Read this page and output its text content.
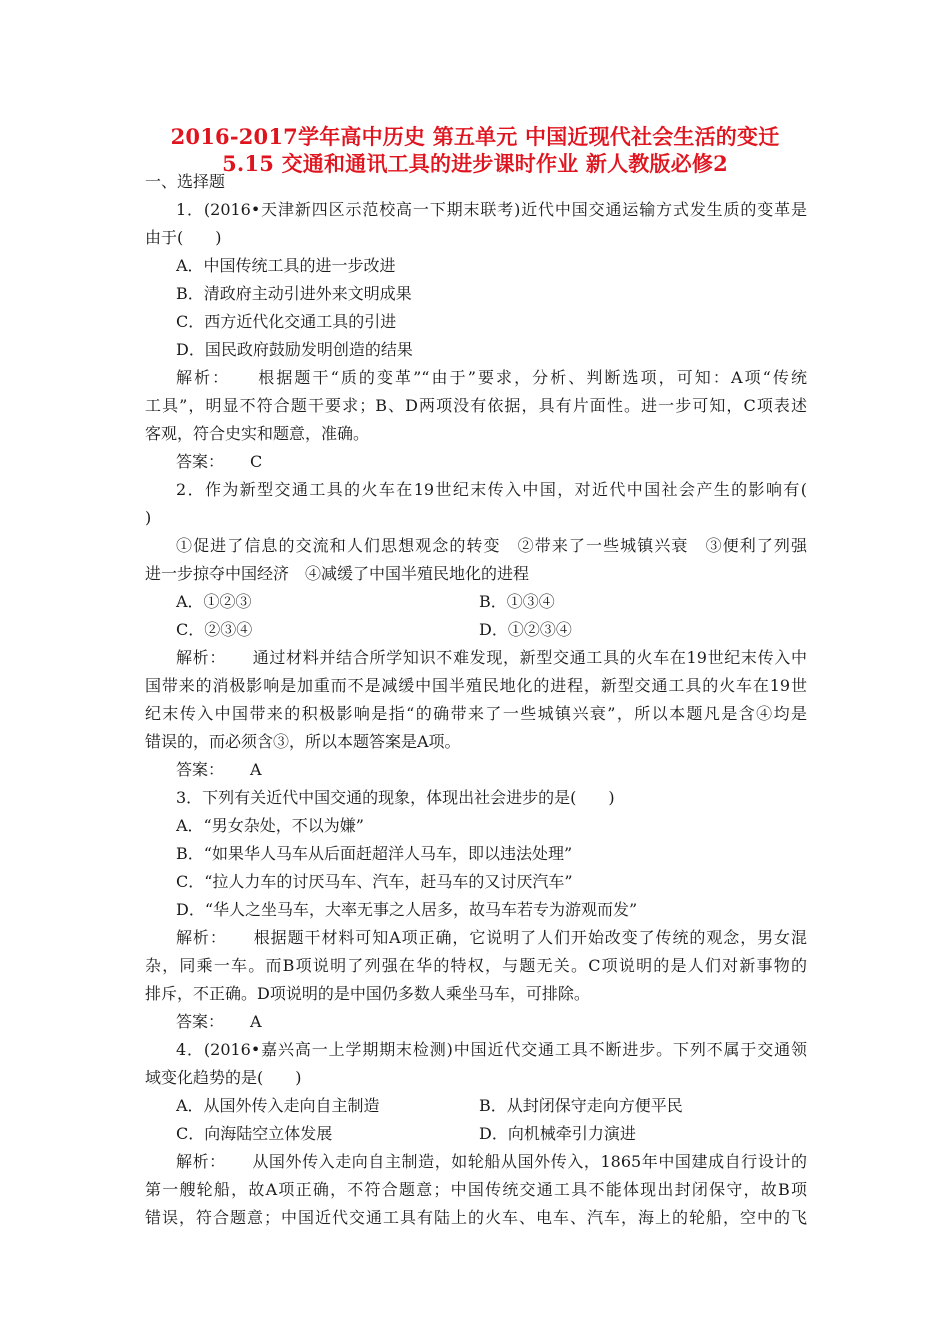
2016-2017学年高中历史 第五单元 中国近现代社会生活的变迁
5.15 交通和通讯工具的进步课时作业 新人教版必修2
一、选择题
1．(2016•天津新四区示范校高一下期末联考)近代中国交通运输方式发生质的变革是
由于(　　)
A．中国传统工具的进一步改进
B．清政府主动引进外来文明成果
C．西方近代化交通工具的引进
D．国民政府鼓励发明创造的结果
解析： 根据题干“质的变革”“由于”要求，分析、判断选项，可知：A项“传统
工具”，明显不符合题干要求；B、D两项没有依据，具有片面性。进一步可知，C项表述
客观，符合史实和题意，准确。
答案： C
2．作为新型交通工具的火车在19世纪末传入中国，对近代中国社会产生的影响有(
)
①促进了信息的交流和人们思想观念的转变　②带来了一些城镇兴衰　③便利了列强
进一步掠夺中国经济　④减缓了中国半殖民地化的进程
A．①②③	B．①③④
C．②③④	D．①②③④
解析： 通过材料并结合所学知识不难发现，新型交通工具的火车在19世纪末传入中
国带来的消极影响是加重而不是减缓中国半殖民地化的进程，新型交通工具的火车在19世
纪末传入中国带来的积极影响是指“的确带来了一些城镇兴衰”，所以本题凡是含④均是
错误的，而必须含③，所以本题答案是A项。
答案： A
3．下列有关近代中国交通的现象，体现出社会进步的是(　　)
A．“男女杂处，不以为嫌”
B．“如果华人马车从后面赶超洋人马车，即以违法处理”
C．“拉人力车的讨厌马车、汽车，赶马车的又讨厌汽车”
D．“华人之坐马车，大率无事之人居多，故马车若专为游观而发”
解析： 根据题干材料可知A项正确，它说明了人们开始改变了传统的观念，男女混
杂，同乘一车。而B项说明了列强在华的特权，与题无关。C项说明的是人们对新事物的
排斥，不正确。D项说明的是中国仍多数人乘坐马车，可排除。
答案： A
4．(2016•嘉兴高一上学期期末检测)中国近代交通工具不断进步。下列不属于交通领
域变化趋势的是(　　)
A．从国外传入走向自主制造	B．从封闭保守走向方便平民
C．向海陆空立体发展	D．向机械牵引力演进
解析： 从国外传入走向自主制造，如轮船从国外传入，1865年中国建成自行设计的
第一艘轮船，故A项正确，不符合题意；中国传统交通工具不能体现出封闭保守，故B项
错误，符合题意；中国近代交通工具有陆上的火车、电车、汽车，海上的轮船，空中的飞
